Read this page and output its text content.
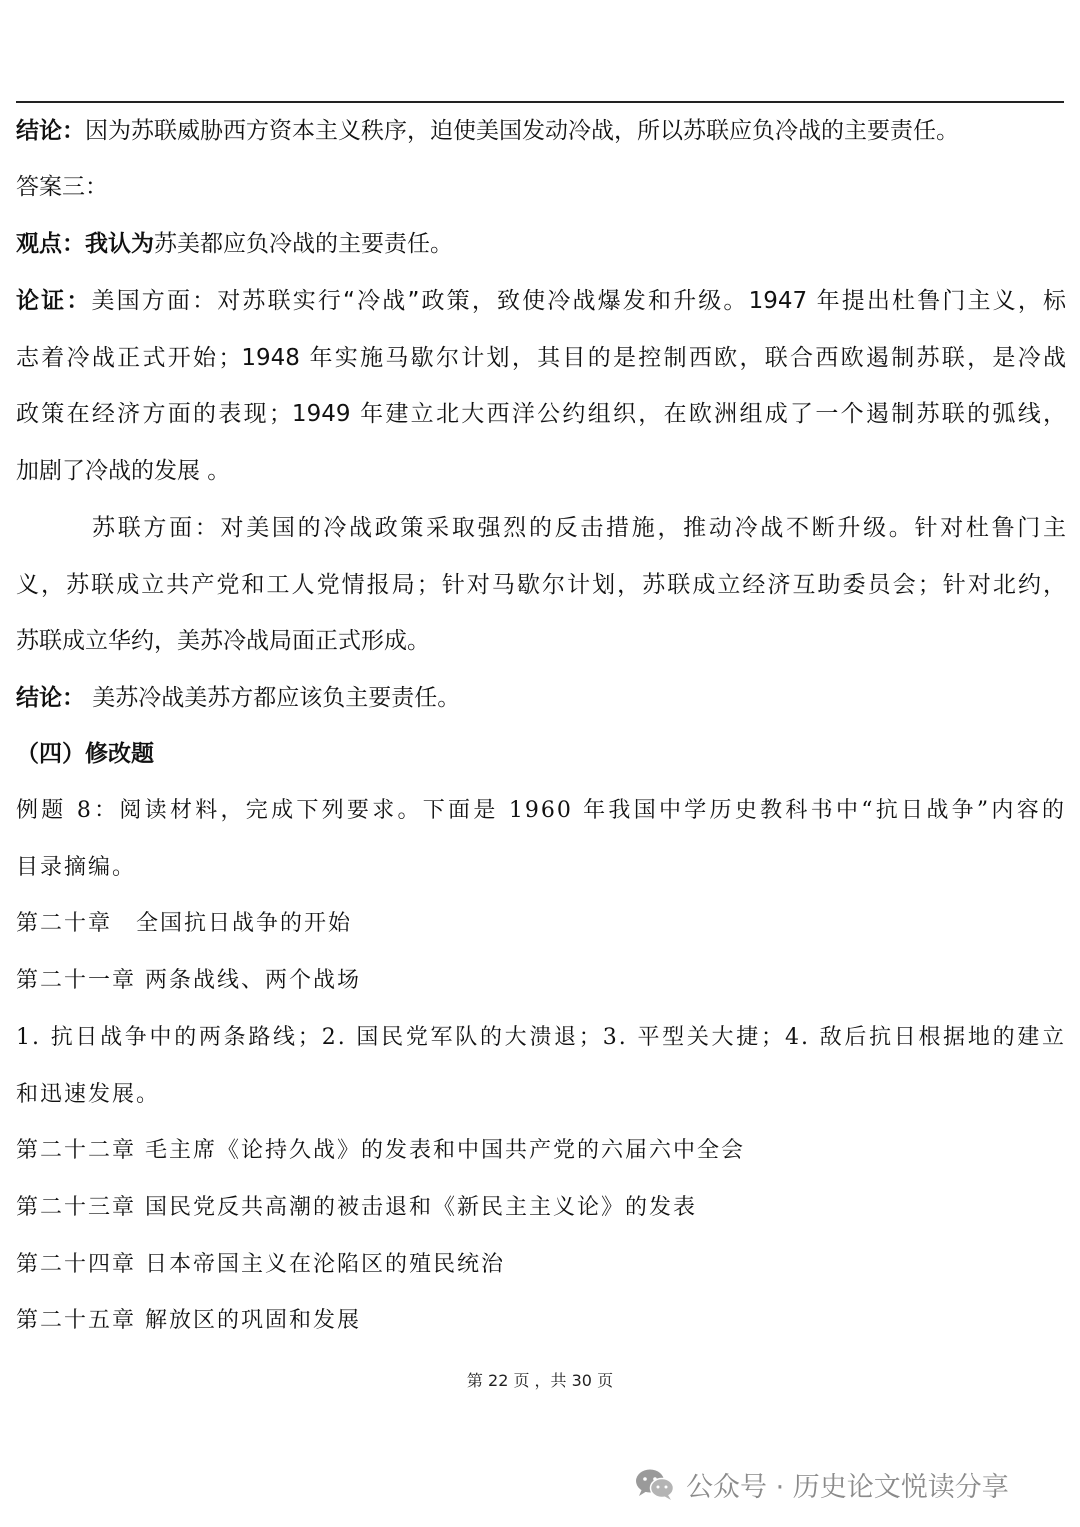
结论：因为苏联威胁西方资本主义秩序，迫使美国发动冷战，所以苏联应负冷战的主要责任。
答案三：
观点：我认为苏美都应负冷战的主要责任。
论证：美国方面：对苏联实行“冷战”政策，致使冷战爆发和升级。1947 年提出杜鲁门主义，标
志着冷战正式开始；1948 年实施马歇尔计划，其目的是控制西欧，联合西欧遏制苏联，是冷战
政策在经济方面的表现；1949 年建立北大西洋公约组织，在欧洲组成了一个遏制苏联的弧线，
加剧了冷战的发展 。
苏联方面：对美国的冷战政策采取强烈的反击措施，推动冷战不断升级。针对杜鲁门主
义，苏联成立共产党和工人党情报局；针对马歇尔计划，苏联成立经济互助委员会；针对北约，
苏联成立华约，美苏冷战局面正式形成。
结论： 美苏冷战美苏方都应该负主要责任。
（四）修改题
例题 8：阅读材料，完成下列要求。下面是 1960 年我国中学历史教科书中“抗日战争”内容的
目录摘编。
第二十章　全国抗日战争的开始
第二十一章 两条战线、两个战场
1. 抗日战争中的两条路线；2. 国民党军队的大溃退；3. 平型关大捷；4. 敌后抗日根据地的建立
和迅速发展。
第二十二章 毛主席《论持久战》的发表和中国共产党的六届六中全会
第二十三章 国民党反共高潮的被击退和《新民主主义论》的发表
第二十四章 日本帝国主义在沦陷区的殖民统治
第二十五章 解放区的巩固和发展
第 22 页 ，共 30 页
公众号 · 历史论文悦读分享
